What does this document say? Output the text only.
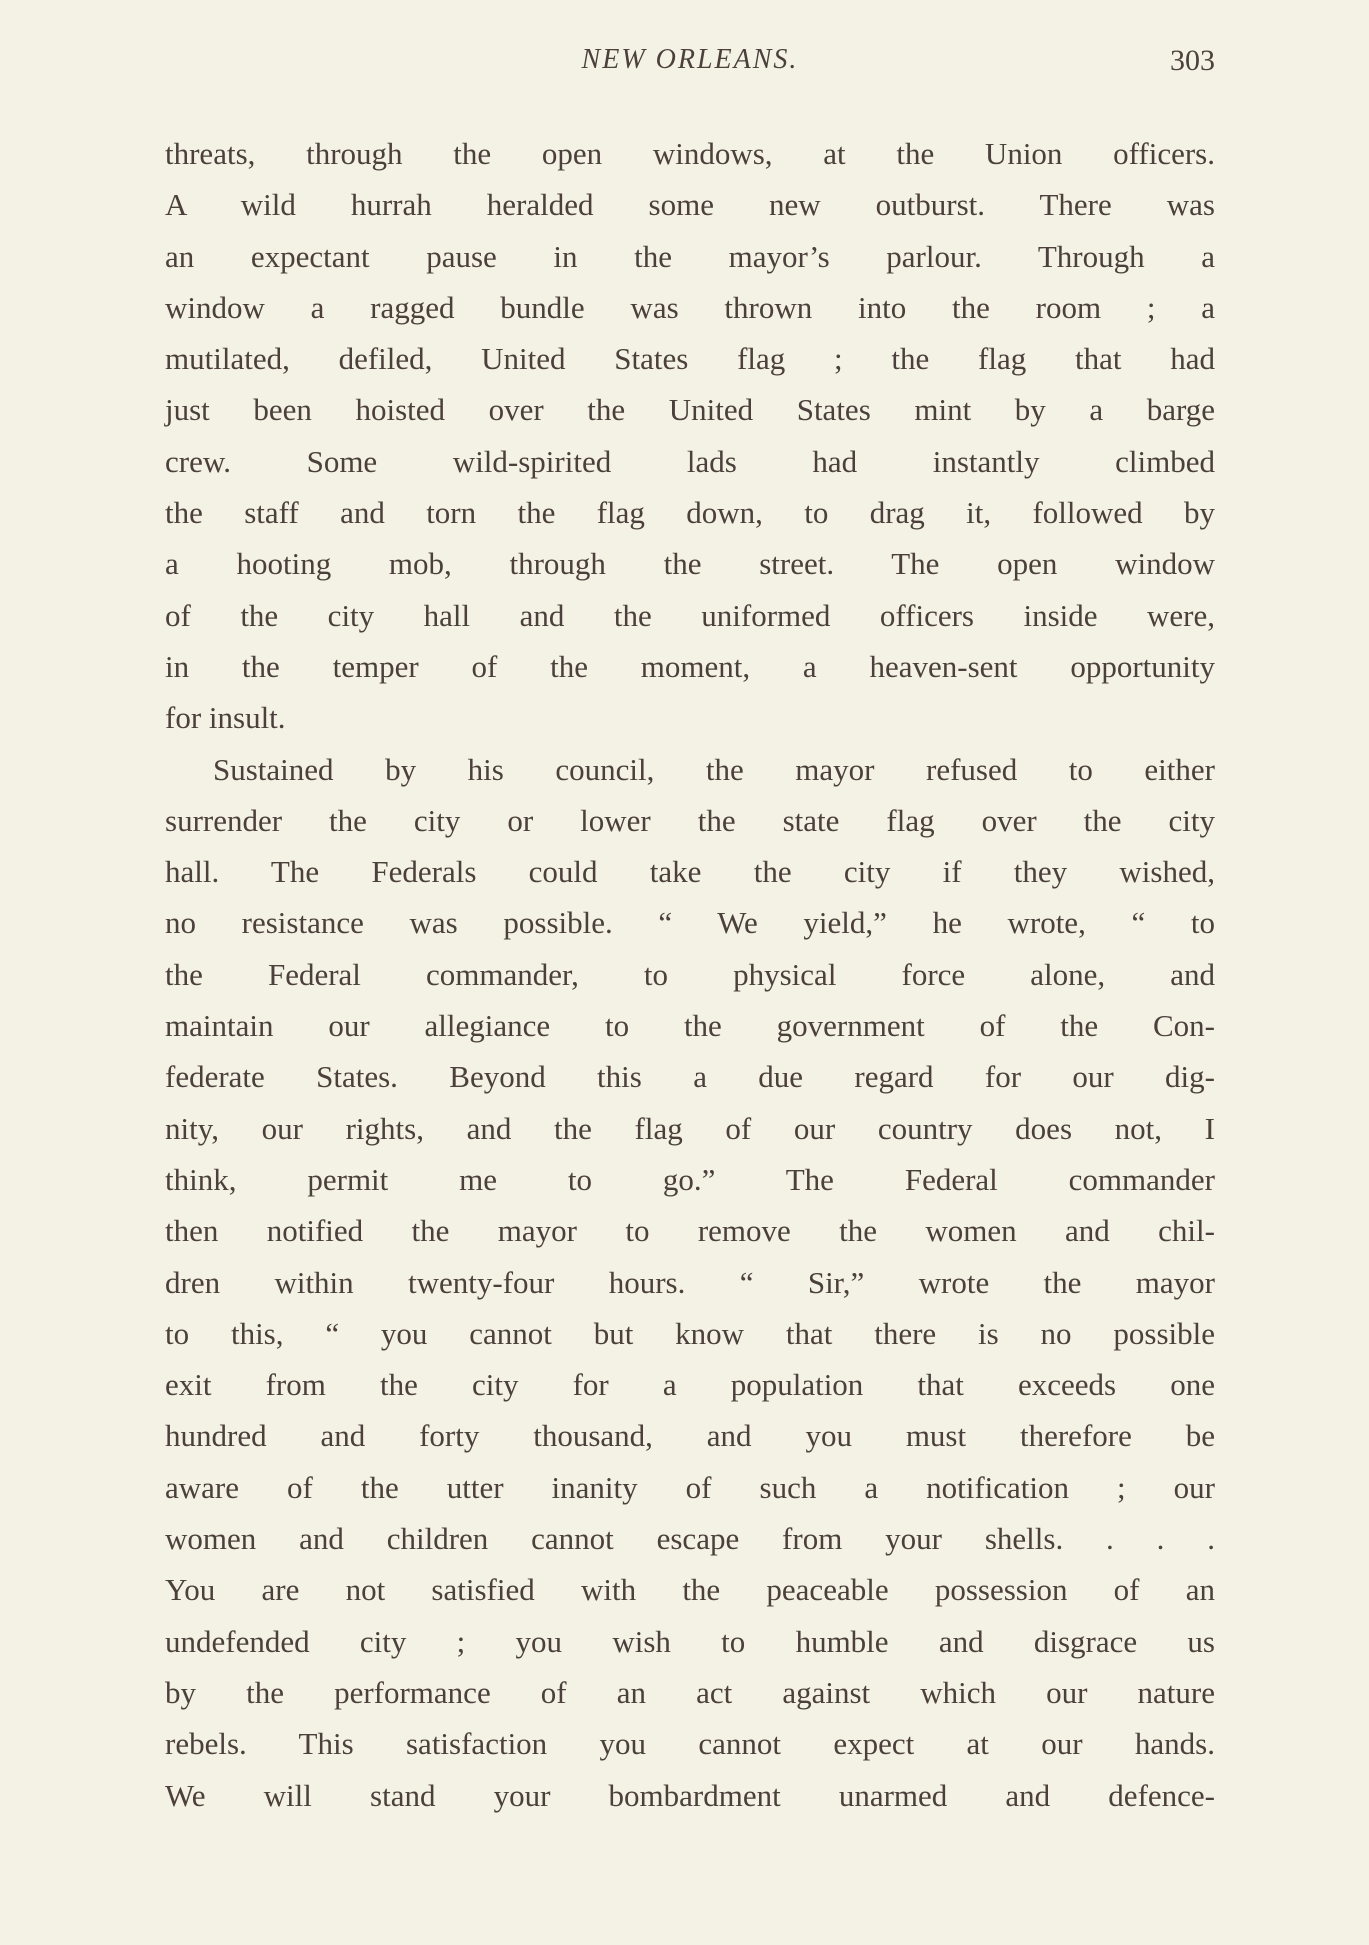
NEW ORLEANS.	303
threats, through the open windows, at the Union officers.
A wild hurrah heralded some new outburst. There was
an expectant pause in the mayor’s parlour. Through a
window a ragged bundle was thrown into the room ; a
mutilated, defiled, United States flag ; the flag that had
just been hoisted over the United States mint by a barge
crew. Some wild-spirited lads had instantly climbed
the staff and torn the flag down, to drag it, followed by
a hooting mob, through the street. The open window
of the city hall and the uniformed officers inside were,
in the temper of the moment, a heaven-sent opportunity
for insult.
Sustained by his council, the mayor refused to either
surrender the city or lower the state flag over the city
hall. The Federals could take the city if they wished,
no resistance was possible. “ We yield,” he wrote, “ to
the Federal commander, to physical force alone, and
maintain our allegiance to the government of the Con-
federate States. Beyond this a due regard for our dig-
nity, our rights, and the flag of our country does not, I
think, permit me to go.” The Federal commander
then notified the mayor to remove the women and chil-
dren within twenty-four hours. “ Sir,” wrote the mayor
to this, “ you cannot but know that there is no possible
exit from the city for a population that exceeds one
hundred and forty thousand, and you must therefore be
aware of the utter inanity of such a notification ; our
women and children cannot escape from your shells. . . .
You are not satisfied with the peaceable possession of an
undefended city ; you wish to humble and disgrace us
by the performance of an act against which our nature
rebels. This satisfaction you cannot expect at our hands.
We will stand your bombardment unarmed and defence-
